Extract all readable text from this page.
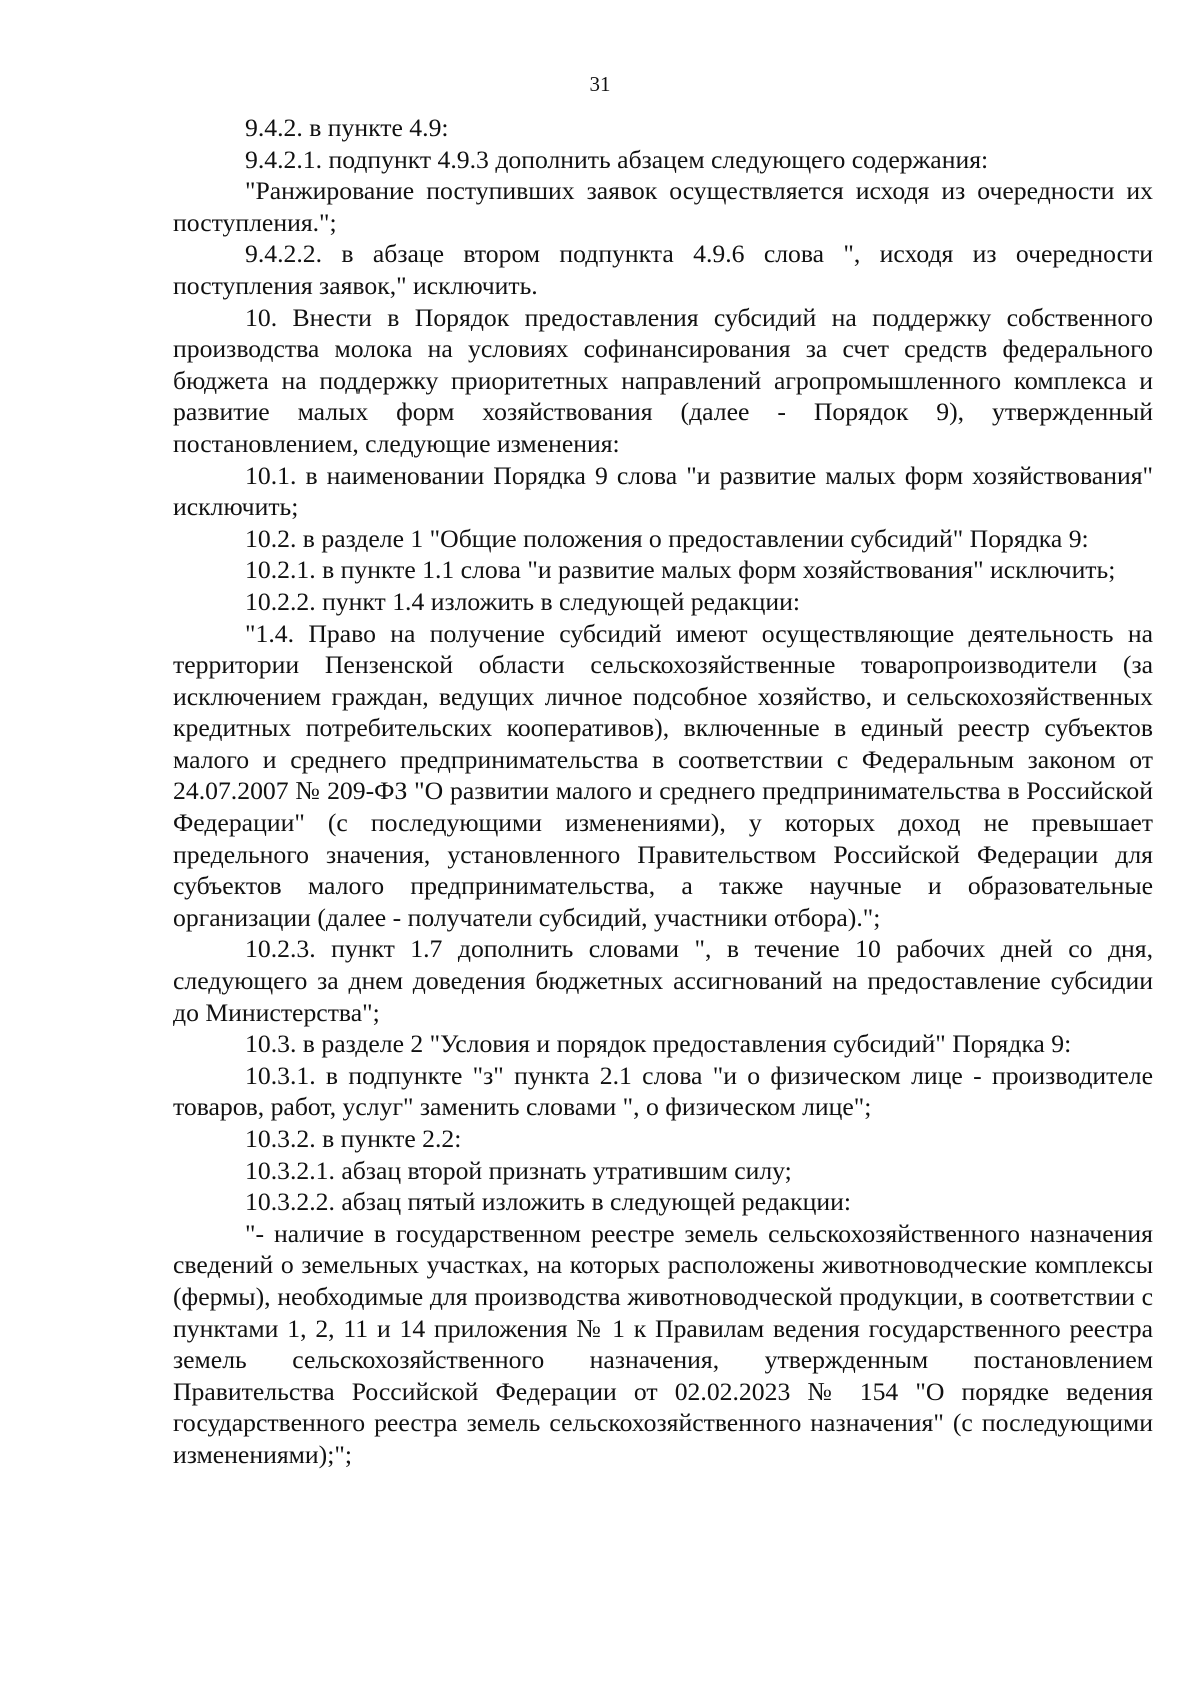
31

9.4.2. в пункте 4.9:

9.4.2.1. подпункт 4.9.3 дополнить абзацем следующего содержания:

"Ранжирование поступивших заявок осуществляется исходя из очередности их поступления.";

9.4.2.2. в абзаце втором подпункта 4.9.6 слова ", исходя из очередности поступления заявок," исключить.

10. Внести в Порядок предоставления субсидий на поддержку собственного производства молока на условиях софинансирования за счет средств федерального бюджета на поддержку приоритетных направлений агропромышленного комплекса и развитие малых форм хозяйствования (далее - Порядок 9), утвержденный постановлением, следующие изменения:

10.1. в наименовании Порядка 9 слова "и развитие малых форм хозяйствования" исключить;

10.2. в разделе 1 "Общие положения о предоставлении субсидий" Порядка 9:

10.2.1. в пункте 1.1 слова "и развитие малых форм хозяйствования" исключить;

10.2.2. пункт 1.4 изложить в следующей редакции:

"1.4. Право на получение субсидий имеют осуществляющие деятельность на территории Пензенской области сельскохозяйственные товаропроизводители (за исключением граждан, ведущих личное подсобное хозяйство, и сельскохозяйственных кредитных потребительских кооперативов), включенные в единый реестр субъектов малого и среднего предпринимательства в соответствии с Федеральным законом от 24.07.2007 № 209-ФЗ "О развитии малого и среднего предпринимательства в Российской Федерации" (с последующими изменениями), у которых доход не превышает предельного значения, установленного Правительством Российской Федерации для субъектов малого предпринимательства, а также научные и образовательные организации (далее - получатели субсидий, участники отбора).";

10.2.3. пункт 1.7 дополнить словами ", в течение 10 рабочих дней со дня, следующего за днем доведения бюджетных ассигнований на предоставление субсидии до Министерства";

10.3. в разделе 2 "Условия и порядок предоставления субсидий" Порядка 9:

10.3.1. в подпункте "з" пункта 2.1 слова "и о физическом лице - производителе товаров, работ, услуг" заменить словами ", о физическом лице";

10.3.2. в пункте 2.2:

10.3.2.1. абзац второй признать утратившим силу;

10.3.2.2. абзац пятый изложить в следующей редакции:

"- наличие в государственном реестре земель сельскохозяйственного назначения сведений о земельных участках, на которых расположены животноводческие комплексы (фермы), необходимые для производства животноводческой продукции, в соответствии с пунктами 1, 2, 11 и 14 приложения № 1 к Правилам ведения государственного реестра земель сельскохозяйственного назначения, утвержденным постановлением Правительства Российской Федерации от 02.02.2023 № 154 "О порядке ведения государственного реестра земель сельскохозяйственного назначения" (с последующими изменениями);";
